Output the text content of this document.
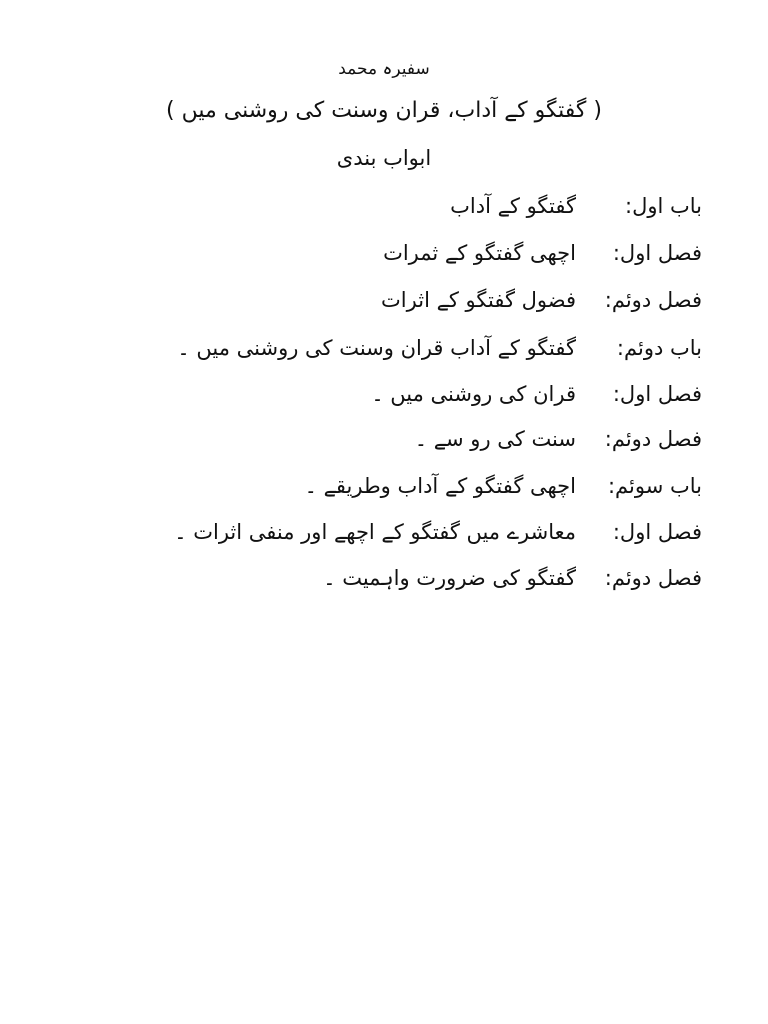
سفیرہ محمد
( گفتگو کے آداب، قران وسنت کی روشنی میں )
ابواب بندی
باب اول:
گفتگو کے آداب
فصل اول:
اچھی گفتگو کے ثمرات
فصل دوئم:
فضول گفتگو کے اثرات
باب دوئم:
گفتگو کے آداب قران وسنت کی روشنی میں ۔
فصل اول:
قران کی روشنی میں ۔
فصل دوئم:
سنت کی رو سے ۔
باب سوئم:
اچھی گفتگو کے آداب وطریقے ۔
فصل اول:
معاشرے میں گفتگو کے اچھے اور منفی اثرات ۔
فصل دوئم:
گفتگو کی ضرورت واہمیت ۔
